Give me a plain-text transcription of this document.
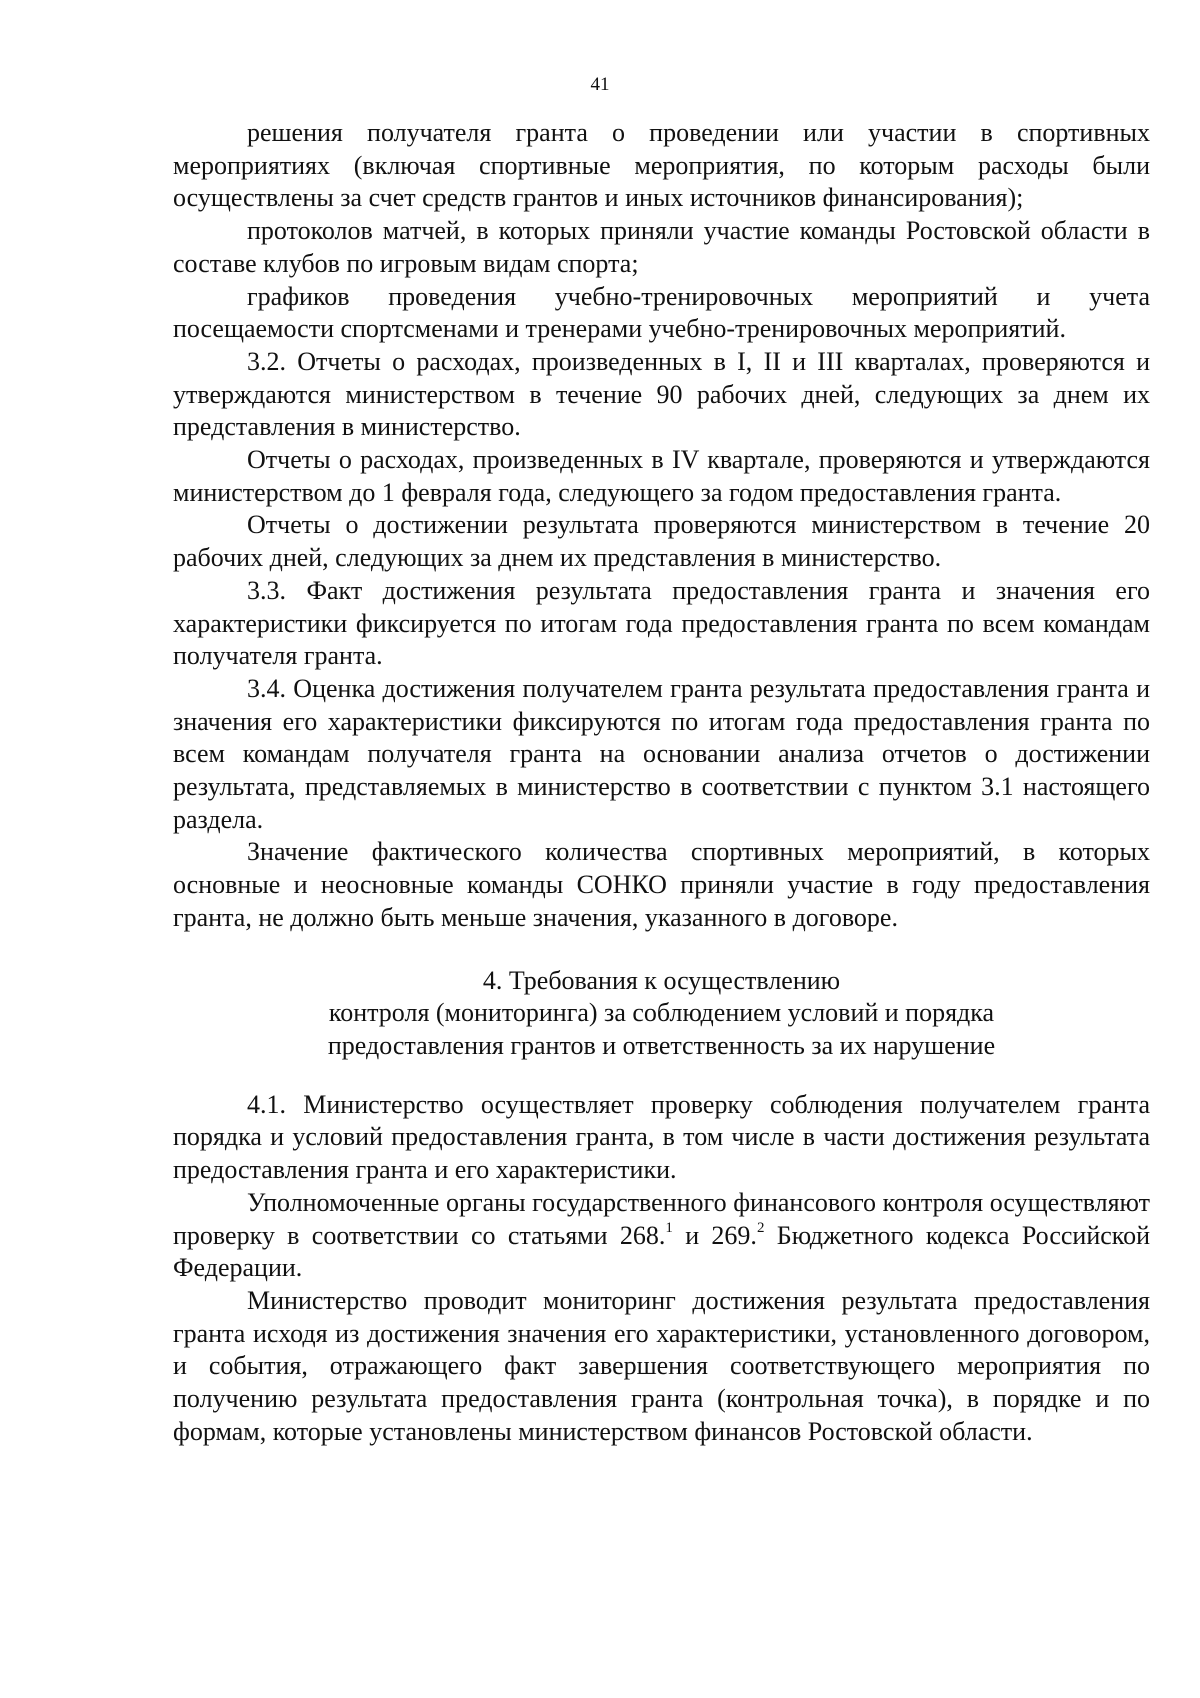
41

решения получателя гранта о проведении или участии в спортивных мероприятиях (включая спортивные мероприятия, по которым расходы были осуществлены за счет средств грантов и иных источников финансирования);

протоколов матчей, в которых приняли участие команды Ростовской области в составе клубов по игровым видам спорта;

графиков проведения учебно-тренировочных мероприятий и учета посещаемости спортсменами и тренерами учебно-тренировочных мероприятий.

3.2. Отчеты о расходах, произведенных в I, II и III кварталах, проверяются и утверждаются министерством в течение 90 рабочих дней, следующих за днем их представления в министерство.

Отчеты о расходах, произведенных в IV квартале, проверяются и утверждаются министерством до 1 февраля года, следующего за годом предоставления гранта.

Отчеты о достижении результата проверяются министерством в течение 20 рабочих дней, следующих за днем их представления в министерство.

3.3. Факт достижения результата предоставления гранта и значения его характеристики фиксируется по итогам года предоставления гранта по всем командам получателя гранта.

3.4. Оценка достижения получателем гранта результата предоставления гранта и значения его характеристики фиксируются по итогам года предоставления гранта по всем командам получателя гранта на основании анализа отчетов о достижении результата, представляемых в министерство в соответствии с пунктом 3.1 настоящего раздела.

Значение фактического количества спортивных мероприятий, в которых основные и неосновные команды СОНКО приняли участие в году предоставления гранта, не должно быть меньше значения, указанного в договоре.

4. Требования к осуществлению
контроля (мониторинга) за соблюдением условий и порядка
предоставления грантов и ответственность за их нарушение

4.1. Министерство осуществляет проверку соблюдения получателем гранта порядка и условий предоставления гранта, в том числе в части достижения результата предоставления гранта и его характеристики.

Уполномоченные органы государственного финансового контроля осуществляют проверку в соответствии со статьями 268.$^1$ и 269.$^2$ Бюджетного кодекса Российской Федерации.

Министерство проводит мониторинг достижения результата предоставления гранта исходя из достижения значения его характеристики, установленного договором, и события, отражающего факт завершения соответствующего мероприятия по получению результата предоставления гранта (контрольная точка), в порядке и по формам, которые установлены министерством финансов Ростовской области.
